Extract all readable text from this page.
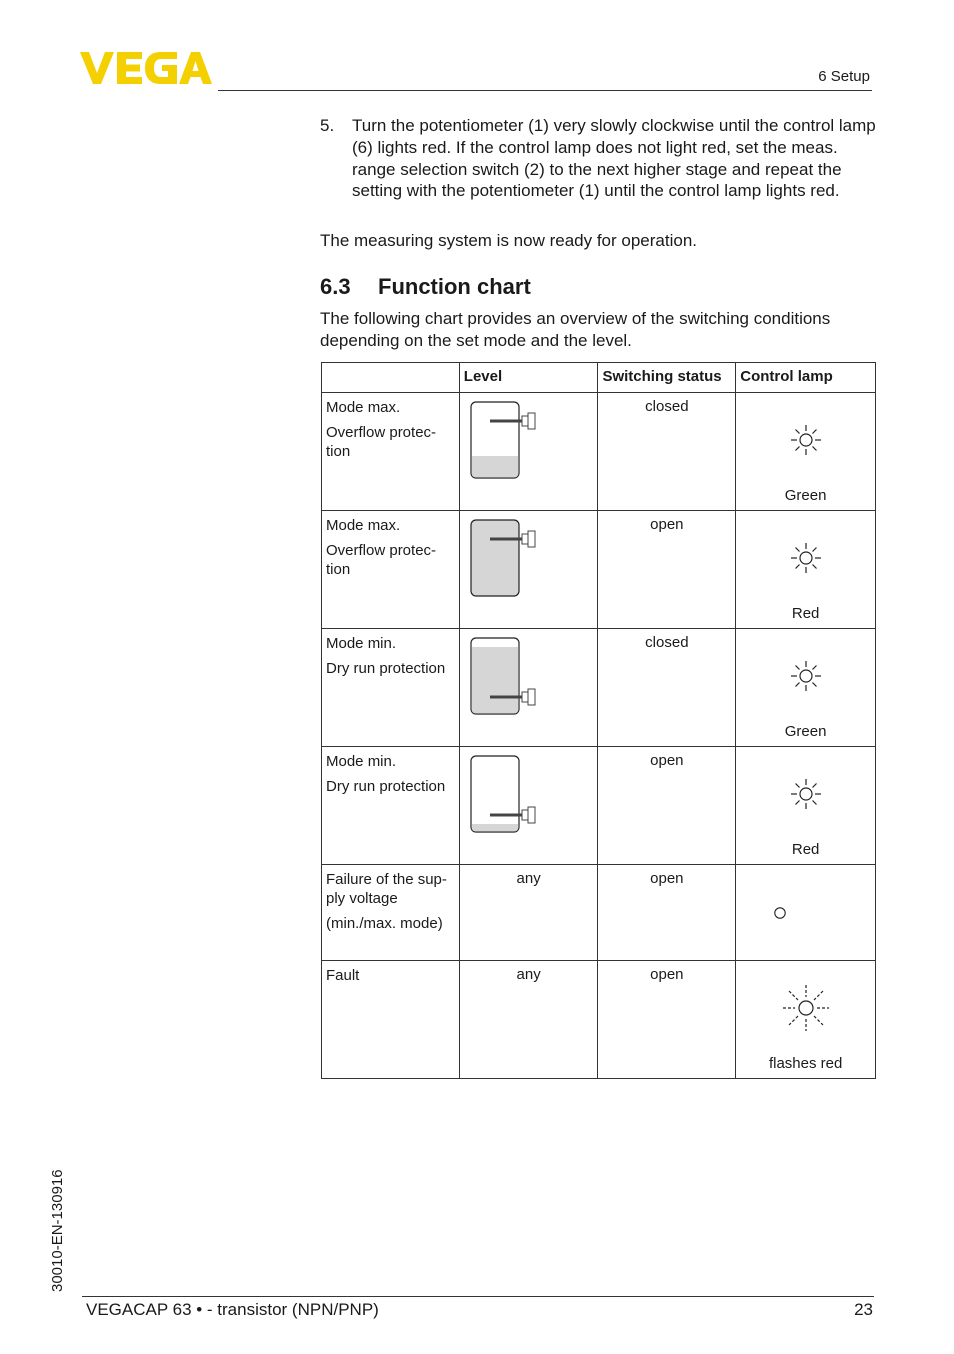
6 Setup
5. Turn the potentiometer (1) very slowly clockwise until the control lamp (6) lights red. If the control lamp does not light red, set the meas. range selection switch (2) to the next higher stage and repeat the setting with the potentiometer (1) until the control lamp lights red.
The measuring system is now ready for operation.
6.3 Function chart
The following chart provides an overview of the switching conditions depending on the set mode and the level.
	Level	Switching status	Control lamp

Mode max.
Overflow protec-
tion		closed	Green

Mode max.
Overflow protec-
tion		open	Red

Mode min.
Dry run protection		closed	Green

Mode min.
Dry run protection		open	Red

Failure of the sup-
ply voltage
(min./max. mode)	any	open	

Fault	any	open	flashes red
30010-EN-130916
VEGACAP 63 • - transistor (NPN/PNP)	23
